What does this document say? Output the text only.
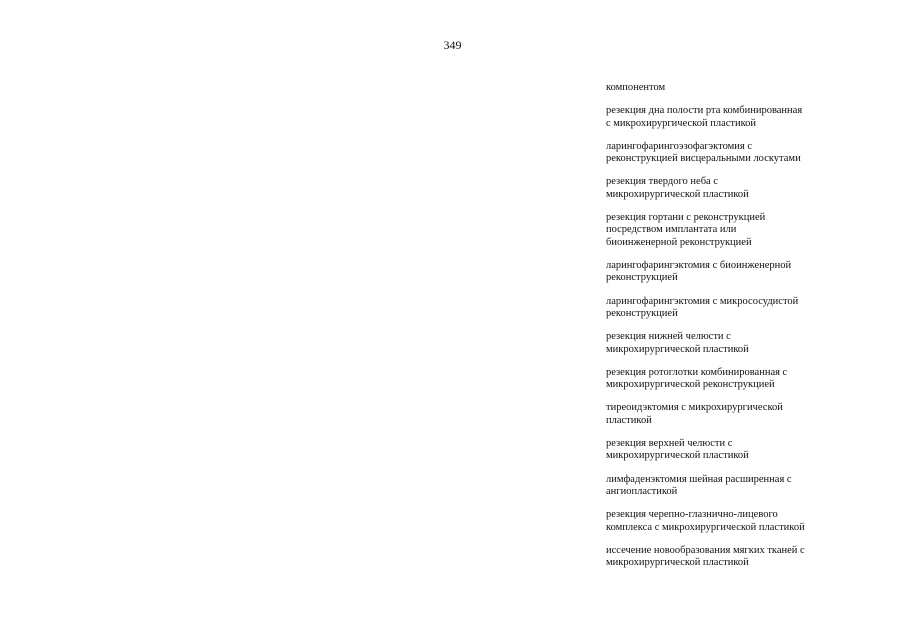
349
компонентом
резекция дна полости рта комбинированная
с микрохирургической пластикой
ларингофарингоэзофагэктомия с
реконструкцией висцеральными лоскутами
резекция твердого неба с
микрохирургической пластикой
резекция гортани с реконструкцией
посредством имплантата или
биоинженерной реконструкцией
ларингофарингэктомия с биоинженерной
реконструкцией
ларингофарингэктомия с микрососудистой
реконструкцией
резекция нижней челюсти с
микрохирургической пластикой
резекция ротоглотки комбинированная с
микрохирургической реконструкцией
тиреоидэктомия с микрохирургической
пластикой
резекция верхней челюсти с
микрохирургической пластикой
лимфаденэктомия шейная расширенная с
ангиопластикой
резекция черепно-глазнично-лицевого
комплекса с микрохирургической пластикой
иссечение новообразования мягких тканей с
микрохирургической пластикой
